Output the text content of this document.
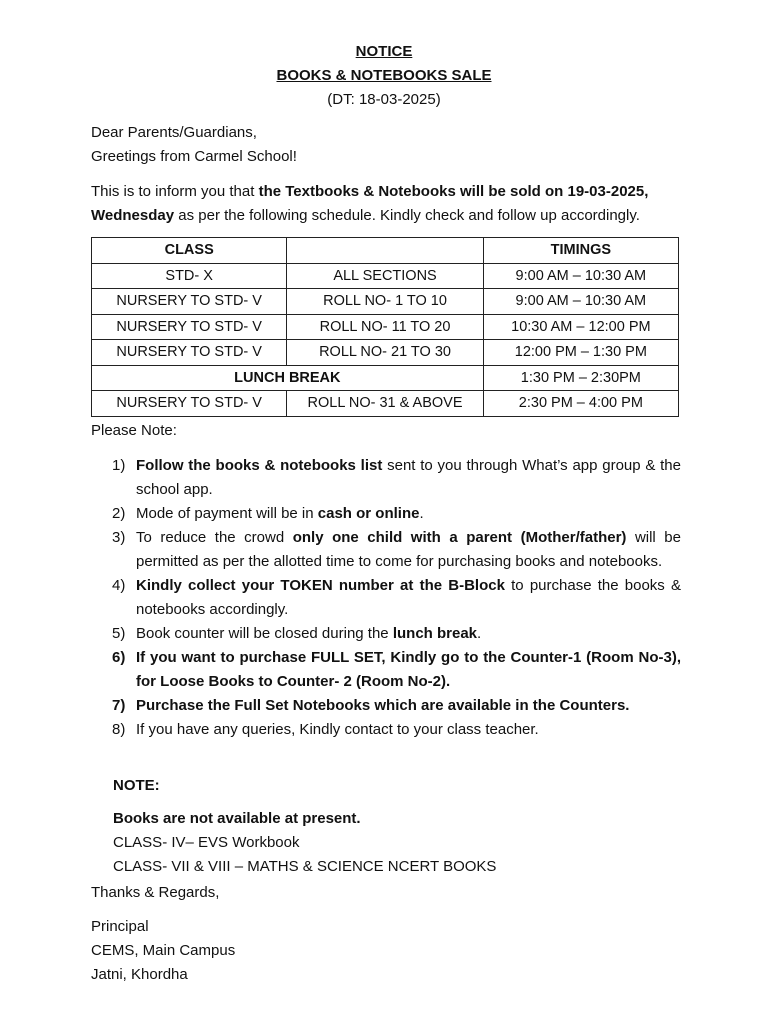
NOTICE
BOOKS & NOTEBOOKS SALE
(DT: 18-03-2025)
Dear Parents/Guardians,
Greetings from Carmel School!
This is to inform you that the Textbooks & Notebooks will be sold on 19-03-2025, Wednesday as per the following schedule. Kindly check and follow up accordingly.
CLASS		TIMINGS
STD- X	ALL SECTIONS	9:00 AM – 10:30 AM
NURSERY TO STD- V	ROLL NO- 1 TO 10	9:00 AM – 10:30 AM
NURSERY TO STD- V	ROLL NO- 11 TO 20	10:30 AM – 12:00 PM
NURSERY TO STD- V	ROLL NO- 21 TO 30	12:00 PM – 1:30 PM
LUNCH BREAK		1:30 PM – 2:30PM
NURSERY TO STD- V	ROLL NO- 31 & ABOVE	2:30 PM – 4:00 PM
Please Note:
1) Follow the books & notebooks list sent to you through What’s app group & the school app.
2) Mode of payment will be in cash or online.
3) To reduce the crowd only one child with a parent (Mother/father) will be permitted as per the allotted time to come for purchasing books and notebooks.
4) Kindly collect your TOKEN number at the B-Block to purchase the books & notebooks accordingly.
5) Book counter will be closed during the lunch break.
6) If you want to purchase FULL SET, Kindly go to the Counter-1 (Room No-3), for Loose Books to Counter- 2 (Room No-2).
7) Purchase the Full Set Notebooks which are available in the Counters.
8) If you have any queries, Kindly contact to your class teacher.
NOTE:
Books are not available at present.
CLASS- IV– EVS Workbook
CLASS- VII & VIII – MATHS & SCIENCE NCERT BOOKS
Thanks & Regards,
Principal
CEMS, Main Campus
Jatni, Khordha
